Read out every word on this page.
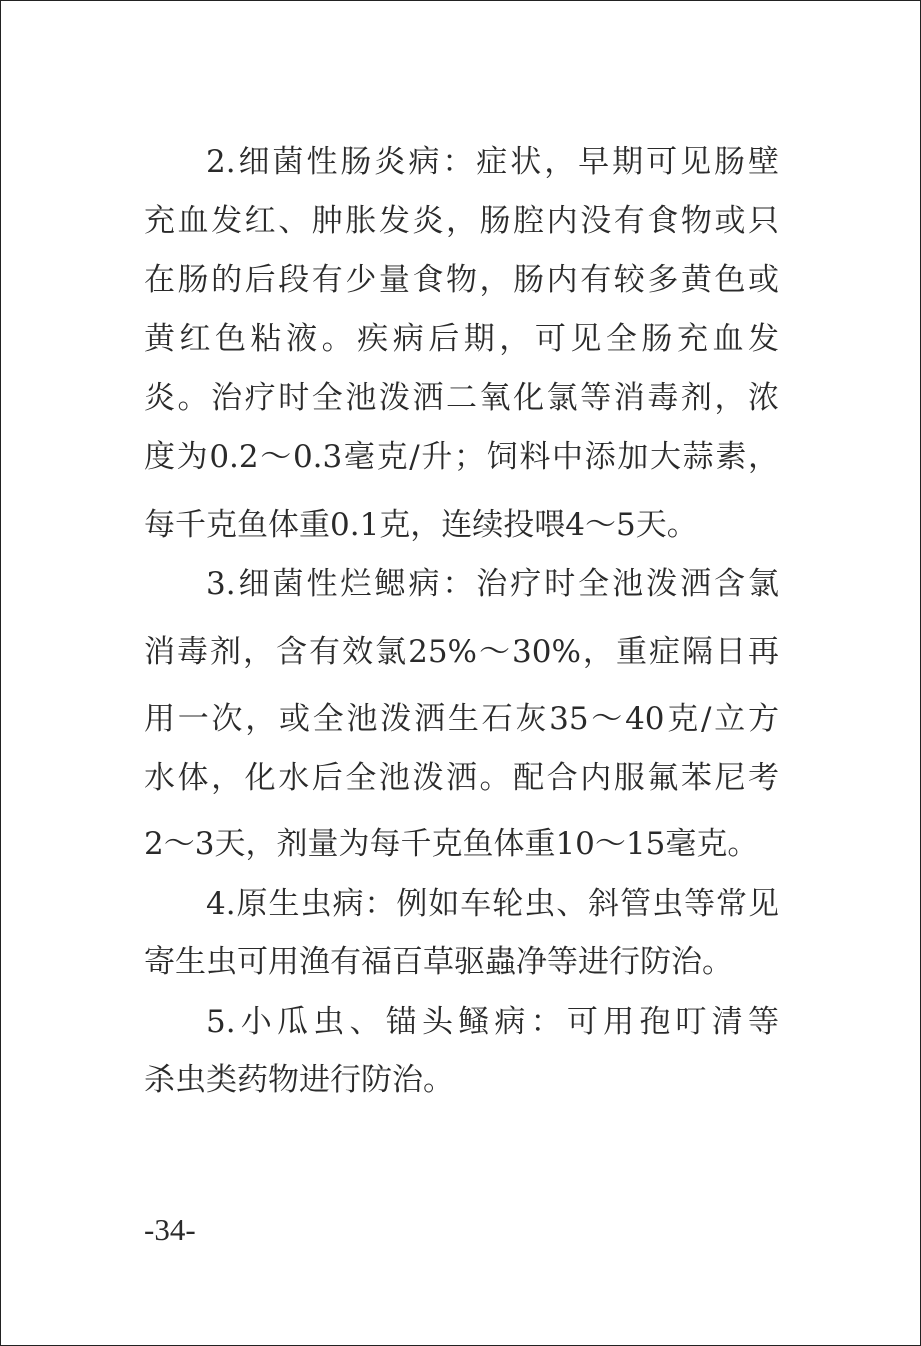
2.细菌性肠炎病：症状，早期可见肠壁
充血发红、肿胀发炎，肠腔内没有食物或只
在肠的后段有少量食物，肠内有较多黄色或
黄红色粘液。疾病后期，可见全肠充血发
炎。治疗时全池泼洒二氧化氯等消毒剂，浓
度为0.2～0.3毫克/升；饲料中添加大蒜素，
每千克鱼体重0.1克，连续投喂4～5天。
3.细菌性烂鳃病：治疗时全池泼洒含氯
消毒剂，含有效氯25%～30%，重症隔日再
用一次，或全池泼洒生石灰35～40克/立方
水体，化水后全池泼洒。配合内服氟苯尼考
2～3天，剂量为每千克鱼体重10～15毫克。
4.原生虫病：例如车轮虫、斜管虫等常见
寄生虫可用渔有福百草驱蟲净等进行防治。
5.小瓜虫、锚头鳋病：可用孢叮清等
杀虫类药物进行防治。
-34-
